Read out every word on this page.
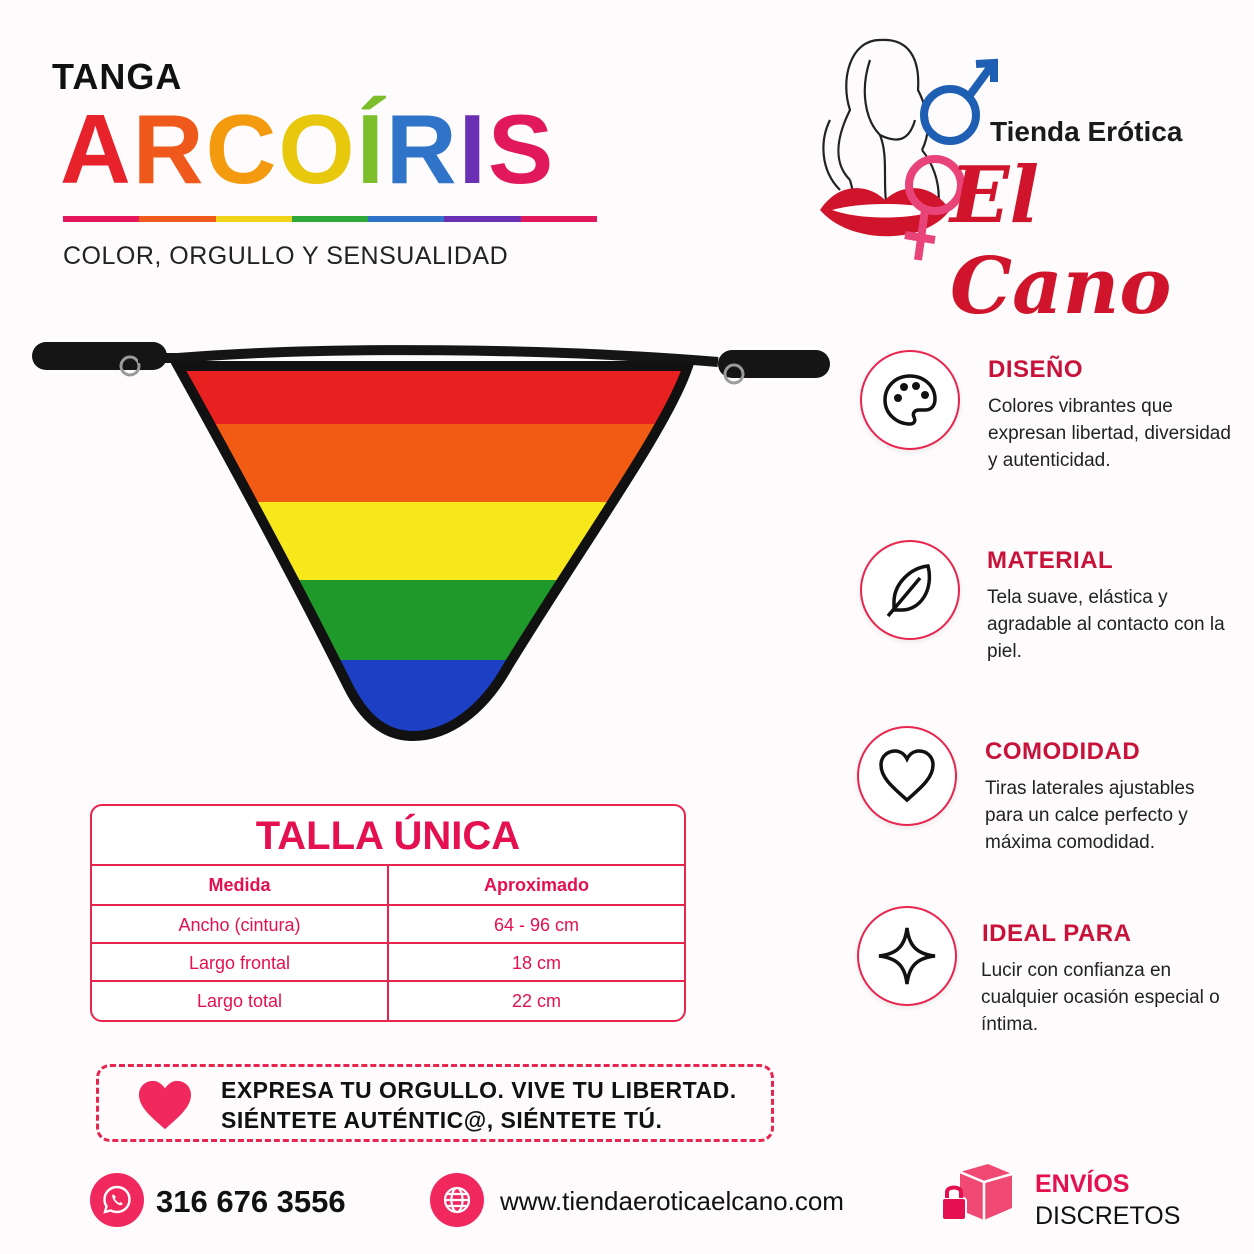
TANGA
ARCOÍRIS
COLOR, ORGULLO Y SENSUALIDAD
Tienda Erótica
El Cano
DISEÑO
Colores vibrantes que expresan libertad, diversidad y autenticidad.
MATERIAL
Tela suave, elástica y agradable al contacto con la piel.
COMODIDAD
Tiras laterales ajustables para un calce perfecto y máxima comodidad.
IDEAL PARA
Lucir con confianza en cualquier ocasión especial o íntima.
TALLA ÚNICA
Medida	Aproximado
Ancho (cintura)	64 - 96 cm
Largo frontal	18 cm
Largo total	22 cm
EXPRESA TU ORGULLO. VIVE TU LIBERTAD.
SIÉNTETE AUTÉNTIC@, SIÉNTETE TÚ.
316 676 3556	www.tiendaeroticaelcano.com
ENVÍOS
DISCRETOS
